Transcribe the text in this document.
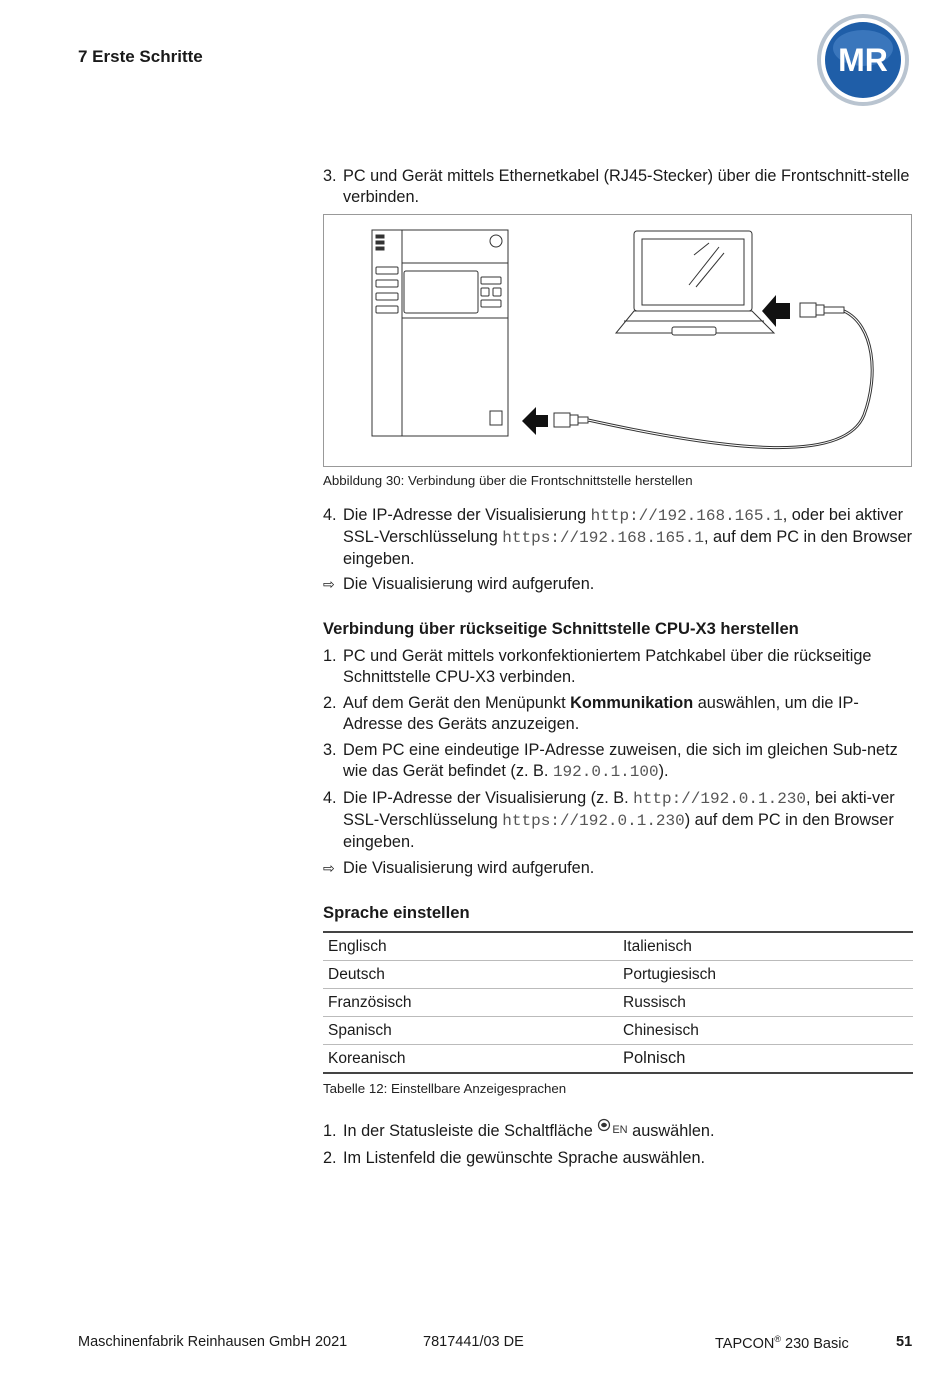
7 Erste Schritte	MR
3. PC und Gerät mittels Ethernetkabel (RJ45-Stecker) über die Frontschnitt-stelle verbinden.
Abbildung 30: Verbindung über die Frontschnittstelle herstellen
4. Die IP-Adresse der Visualisierung http://192.168.165.1, oder bei aktiver SSL-Verschlüsselung https://192.168.165.1, auf dem PC in den Browser eingeben.
⇨ Die Visualisierung wird aufgerufen.
Verbindung über rückseitige Schnittstelle CPU-X3 herstellen
1. PC und Gerät mittels vorkonfektioniertem Patchkabel über die rückseitige Schnittstelle CPU-X3 verbinden.
2. Auf dem Gerät den Menüpunkt Kommunikation auswählen, um die IP-Adresse des Geräts anzuzeigen.
3. Dem PC eine eindeutige IP-Adresse zuweisen, die sich im gleichen Sub-netz wie das Gerät befindet (z. B. 192.0.1.100).
4. Die IP-Adresse der Visualisierung (z. B. http://192.0.1.230, bei akti-ver SSL-Verschlüsselung https://192.0.1.230) auf dem PC in den Browser eingeben.
⇨ Die Visualisierung wird aufgerufen.
Sprache einstellen
Englisch	Italienisch
Deutsch	Portugiesisch
Französisch	Russisch
Spanisch	Chinesisch
Koreanisch	Polnisch
Tabelle 12: Einstellbare Anzeigesprachen
1. In der Statusleiste die Schaltfläche EN auswählen.
2. Im Listenfeld die gewünschte Sprache auswählen.
Maschinenfabrik Reinhausen GmbH 2021	7817441/03 DE	TAPCON® 230 Basic	51
